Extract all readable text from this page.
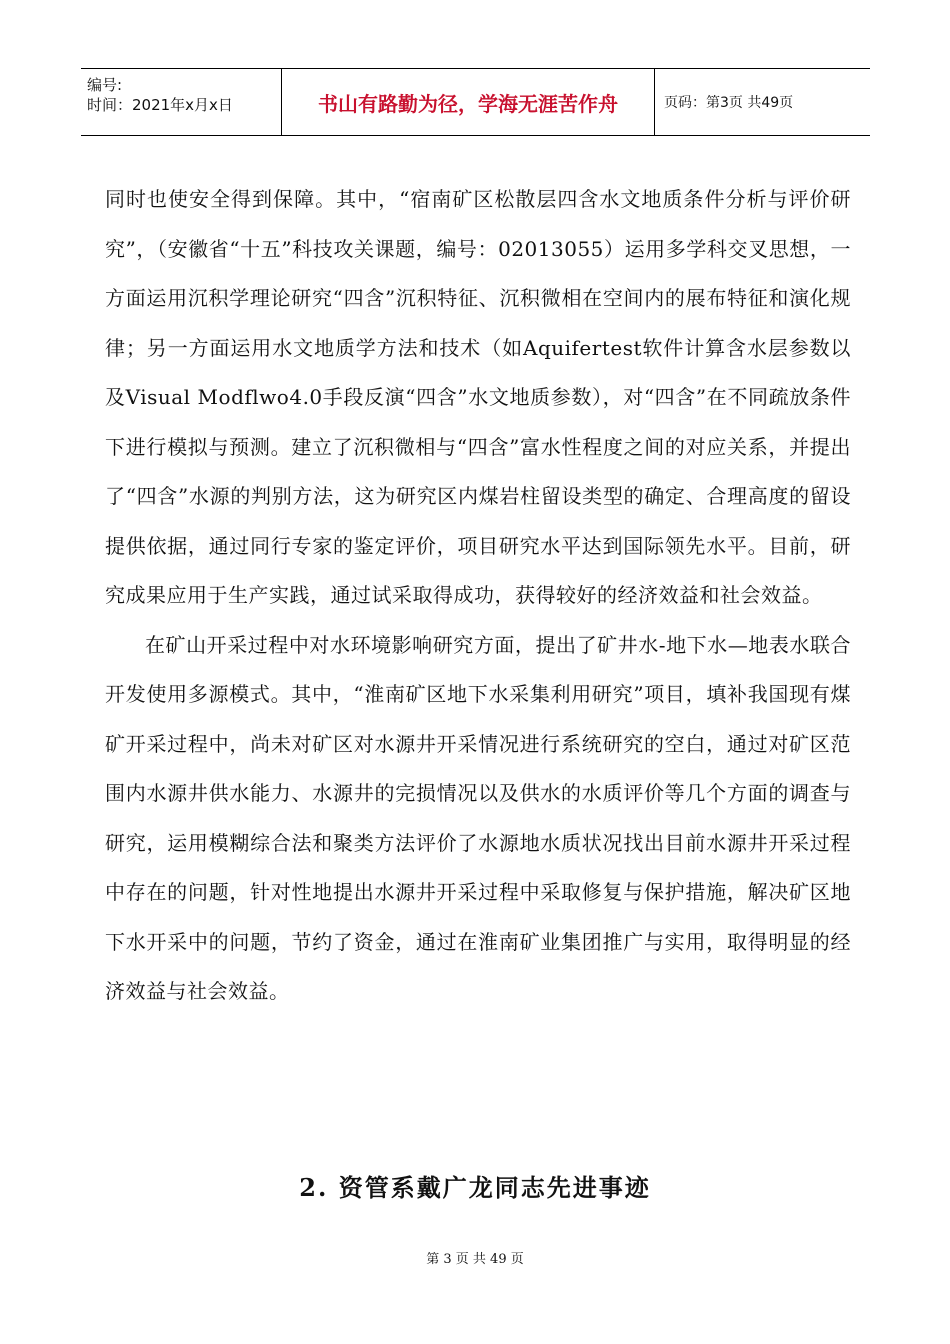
编号:
时间：2021年x月x日	书山有路勤为径，学海无涯苦作舟	页码：第3页 共49页

同时也使安全得到保障。其中，“宿南矿区松散层四含水文地质条件分析与评价研究”，（安徽省“十五”科技攻关课题，编号：02013055）运用多学科交叉思想，一方面运用沉积学理论研究“四含”沉积特征、沉积微相在空间内的展布特征和演化规律；另一方面运用水文地质学方法和技术（如Aquifertest软件计算含水层参数以及Visual Modflwo4.0手段反演“四含”水文地质参数），对“四含”在不同疏放条件下进行模拟与预测。建立了沉积微相与“四含”富水性程度之间的对应关系，并提出了“四含”水源的判别方法，这为研究区内煤岩柱留设类型的确定、合理高度的留设提供依据，通过同行专家的鉴定评价，项目研究水平达到国际领先水平。目前，研究成果应用于生产实践，通过试采取得成功，获得较好的经济效益和社会效益。

在矿山开采过程中对水环境影响研究方面，提出了矿井水-地下水—地表水联合开发使用多源模式。其中，“淮南矿区地下水采集利用研究”项目，填补我国现有煤矿开采过程中，尚未对矿区对水源井开采情况进行系统研究的空白，通过对矿区范围内水源井供水能力、水源井的完损情况以及供水的水质评价等几个方面的调查与研究，运用模糊综合法和聚类方法评价了水源地水质状况找出目前水源井开采过程中存在的问题，针对性地提出水源井开采过程中采取修复与保护措施，解决矿区地下水开采中的问题，节约了资金，通过在淮南矿业集团推广与实用，取得明显的经济效益与社会效益。

2. 资管系戴广龙同志先进事迹
第 3 页 共 49 页
